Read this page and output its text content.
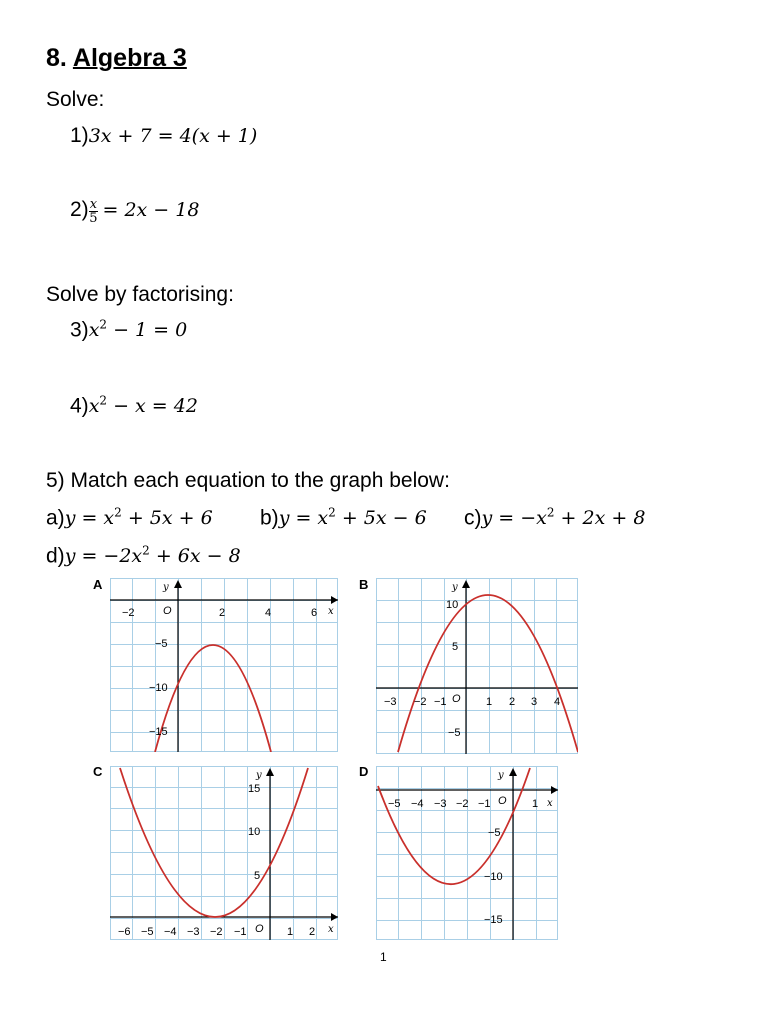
8. Algebra 3
Solve:
1)3x + 7 = 4(x + 1)
$2) \frac{x}{5} = 2x - 18$
Solve by factorising:
$3)x^2 - 1 = 0$
$4)x^2 - x = 42$
5) Match each equation to the graph below:
$a)y = x^2 + 5x + 6$ $b)y = x^2 + 5x - 6$ $c)y = -x^2 + 2x + 8$
$d)y = -2x^2 + 6x - 8$
A	B
C	D
−2	2	4	6
−5
−10
−15
O
y
x
−3 −2 −1	1 2 3 4
10
5
−5
O
y
−6 −5 −4 −3 −2 −1	1 2
15
10
5
O
y
x
−5 −4 −3 −2 −1	1
−5
−10
−15
O
y
x
1
